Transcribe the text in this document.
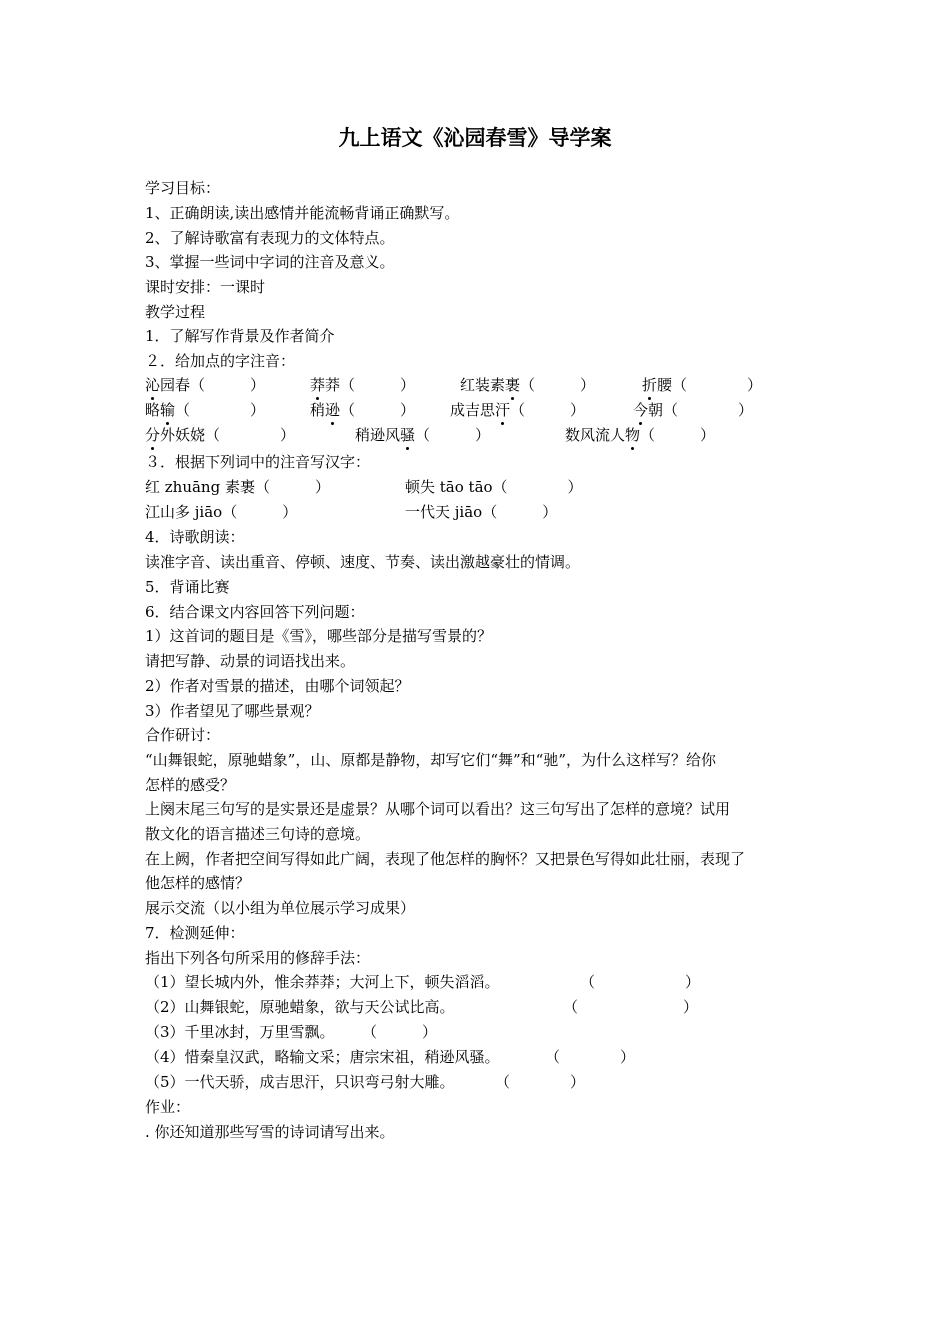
九上语文《沁园春雪》导学案
学习目标：
1、正确朗读,读出感情并能流畅背诵正确默写。
2、了解诗歌富有表现力的文体特点。
3、掌握一些词中字词的注音及意义。
课时安排：一课时
教学过程
1．了解写作背景及作者简介
２．给加点的字注音：
沁园春（　　　）	莽莽（　　　）	红装素裹（　　　）	折腰（　　　　）
略输（　　　　）	稍逊（　　　） 成吉思汗（　　　）	今朝（　　　　）
分外妖娆（　　　　）	稍逊风骚（　　　）	数风流人物（　　　）
３．根据下列词中的注音写汉字：
红 zhuāng 素裹（　　　）	顿失 tāo tāo（　　　　）
江山多 jiāo（　　　）	一代天 jiāo（　　　）
4．诗歌朗读：
读准字音、读出重音、停顿、速度、节奏、读出激越豪壮的情调。
5．背诵比赛
6．结合课文内容回答下列问题：
1）这首词的题目是《雪》，哪些部分是描写雪景的？
请把写静、动景的词语找出来。
2）作者对雪景的描述，由哪个词领起？
3）作者望见了哪些景观？
合作研讨：
“山舞银蛇，原驰蜡象”，山、原都是静物，却写它们“舞”和“驰”，为什么这样写？给你
怎样的感受？
上阕末尾三句写的是实景还是虚景？从哪个词可以看出？这三句写出了怎样的意境？试用
散文化的语言描述三句诗的意境。
在上阙，作者把空间写得如此广阔，表现了他怎样的胸怀？又把景色写得如此壮丽，表现了
他怎样的感情？
展示交流（以小组为单位展示学习成果）
7．检测延伸：
指出下列各句所采用的修辞手法：
（1）望长城内外，惟余莽莽；大河上下，顿失滔滔。	（　　　　　　）
（2）山舞银蛇，原驰蜡象，欲与天公试比高。	（　　　　　　　）
（3）千里冰封，万里雪飘。 （　　　）
（4）惜秦皇汉武，略输文采；唐宗宋祖，稍逊风骚。	（　　　　）
（5）一代天骄，成吉思汗，只识弯弓射大雕。	（　　　　）
作业：
. 你还知道那些写雪的诗词请写出来。
